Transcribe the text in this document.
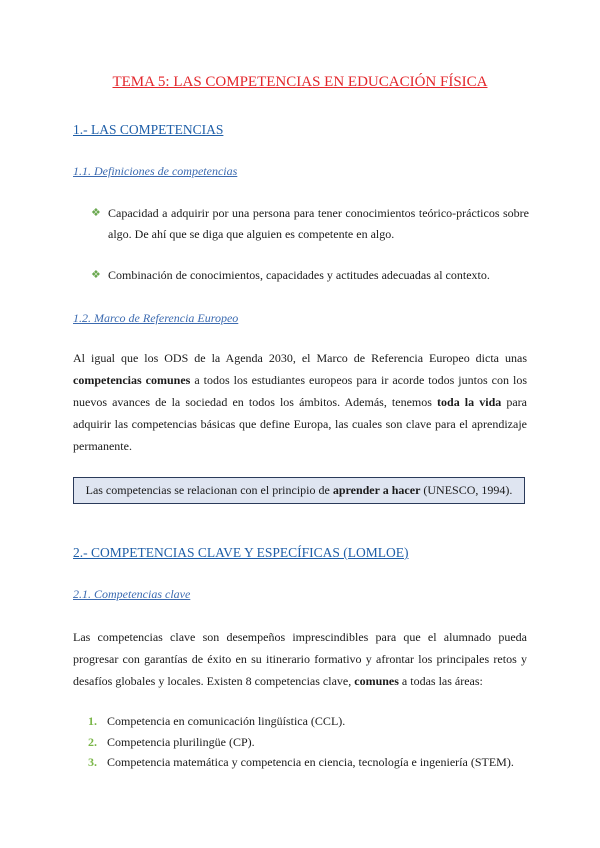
TEMA 5: LAS COMPETENCIAS EN EDUCACIÓN FÍSICA
1.- LAS COMPETENCIAS
1.1. Definiciones de competencias
❖ Capacidad a adquirir por una persona para tener conocimientos teórico-prácticos sobre algo. De ahí que se diga que alguien es competente en algo.
❖ Combinación de conocimientos, capacidades y actitudes adecuadas al contexto.
1.2. Marco de Referencia Europeo
Al igual que los ODS de la Agenda 2030, el Marco de Referencia Europeo dicta unas competencias comunes a todos los estudiantes europeos para ir acorde todos juntos con los nuevos avances de la sociedad en todos los ámbitos. Además, tenemos toda la vida para adquirir las competencias básicas que define Europa, las cuales son clave para el aprendizaje permanente.
Las competencias se relacionan con el principio de aprender a hacer (UNESCO, 1994).
2.- COMPETENCIAS CLAVE Y ESPECÍFICAS (LOMLOE)
2.1. Competencias clave
Las competencias clave son desempeños imprescindibles para que el alumnado pueda progresar con garantías de éxito en su itinerario formativo y afrontar los principales retos y desafíos globales y locales. Existen 8 competencias clave, comunes a todas las áreas:
1. Competencia en comunicación lingüística (CCL).
2. Competencia plurilingüe (CP).
3. Competencia matemática y competencia en ciencia, tecnología e ingeniería (STEM).
